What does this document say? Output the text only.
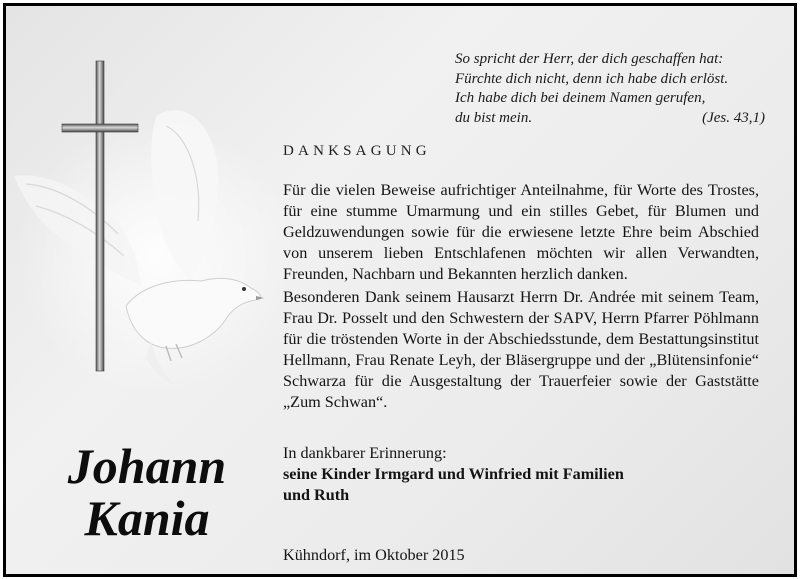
So spricht der Herr, der dich geschaffen hat:
Fürchte dich nicht, denn ich habe dich erlöst.
Ich habe dich bei deinem Namen gerufen,
du bist mein.	(Jes. 43,1)
DANKSAGUNG

Für die vielen Beweise aufrichtiger Anteilnahme, für Worte des Trostes, für eine stumme Umarmung und ein stilles Gebet, für Blumen und Geldzuwendungen sowie für die erwiesene letzte Ehre beim Abschied von unserem lieben Entschlafenen möchten wir allen Verwandten, Freunden, Nachbarn und Bekannten herzlich danken.

Besonderen Dank seinem Hausarzt Herrn Dr. Andrée mit seinem Team, Frau Dr. Posselt und den Schwestern der SAPV, Herrn Pfarrer Pöhlmann für die tröstenden Worte in der Abschiedsstunde, dem Bestattungsinstitut Hellmann, Frau Renate Leyh, der Bläsergruppe und der „Blütensinfonie“ Schwarza für die Ausgestaltung der Trauerfeier sowie der Gaststätte „Zum Schwan“.

In dankbarer Erinnerung:
seine Kinder Irmgard und Winfried mit Familien
und Ruth
Kühndorf, im Oktober 2015
Johann
Kania
